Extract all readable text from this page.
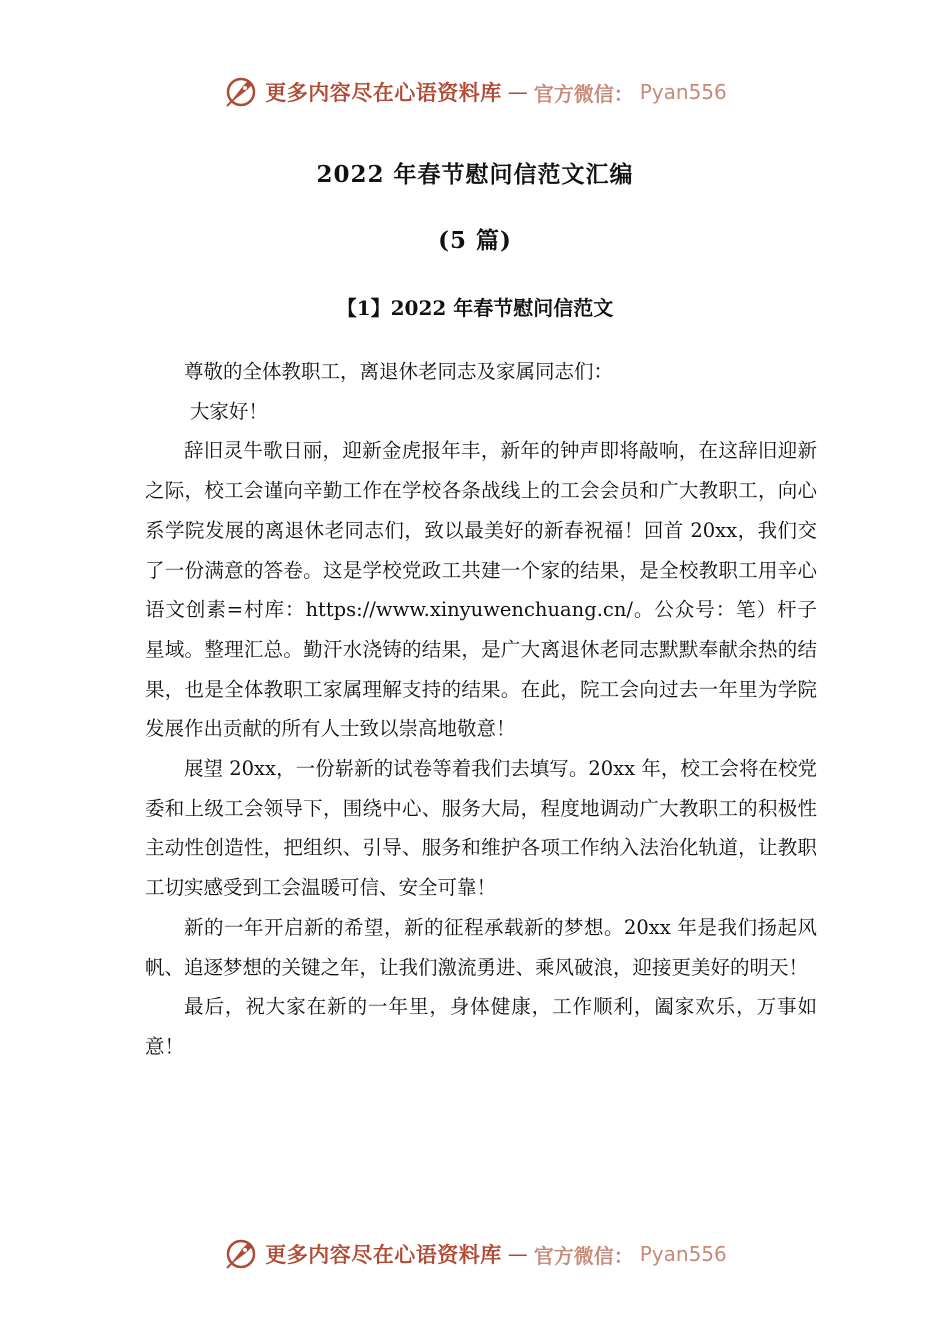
更多内容尽在心语资料库 — 官方微信： Pyan556
2022 年春节慰问信范文汇编
(5 篇)
【1】2022 年春节慰问信范文

尊敬的全体教职工，离退休老同志及家属同志们：

大家好！

辞旧灵牛歌日丽，迎新金虎报年丰，新年的钟声即将敲响，在这辞旧迎新之际，校工会谨向辛勤工作在学校各条战线上的工会会员和广大教职工，向心系学院发展的离退休老同志们，致以最美好的新春祝福！回首 20xx，我们交了一份满意的答卷。这是学校党政工共建一个家的结果，是全校教职工用辛心语文创素=村库：https://www.xinyuwenchuang.cn/。公众号：笔）杆子星域。整理汇总。勤汗水浇铸的结果，是广大离退休老同志默默奉献余热的结果，也是全体教职工家属理解支持的结果。在此，院工会向过去一年里为学院发展作出贡献的所有人士致以崇高地敬意！

展望 20xx，一份崭新的试卷等着我们去填写。20xx 年，校工会将在校党委和上级工会领导下，围绕中心、服务大局，程度地调动广大教职工的积极性主动性创造性，把组织、引导、服务和维护各项工作纳入法治化轨道，让教职工切实感受到工会温暖可信、安全可靠！

新的一年开启新的希望，新的征程承载新的梦想。20xx 年是我们扬起风帆、追逐梦想的关键之年，让我们激流勇进、乘风破浪，迎接更美好的明天！

最后，祝大家在新的一年里，身体健康，工作顺利，阖家欢乐，万事如意！

更多内容尽在心语资料库 — 官方微信： Pyan556
